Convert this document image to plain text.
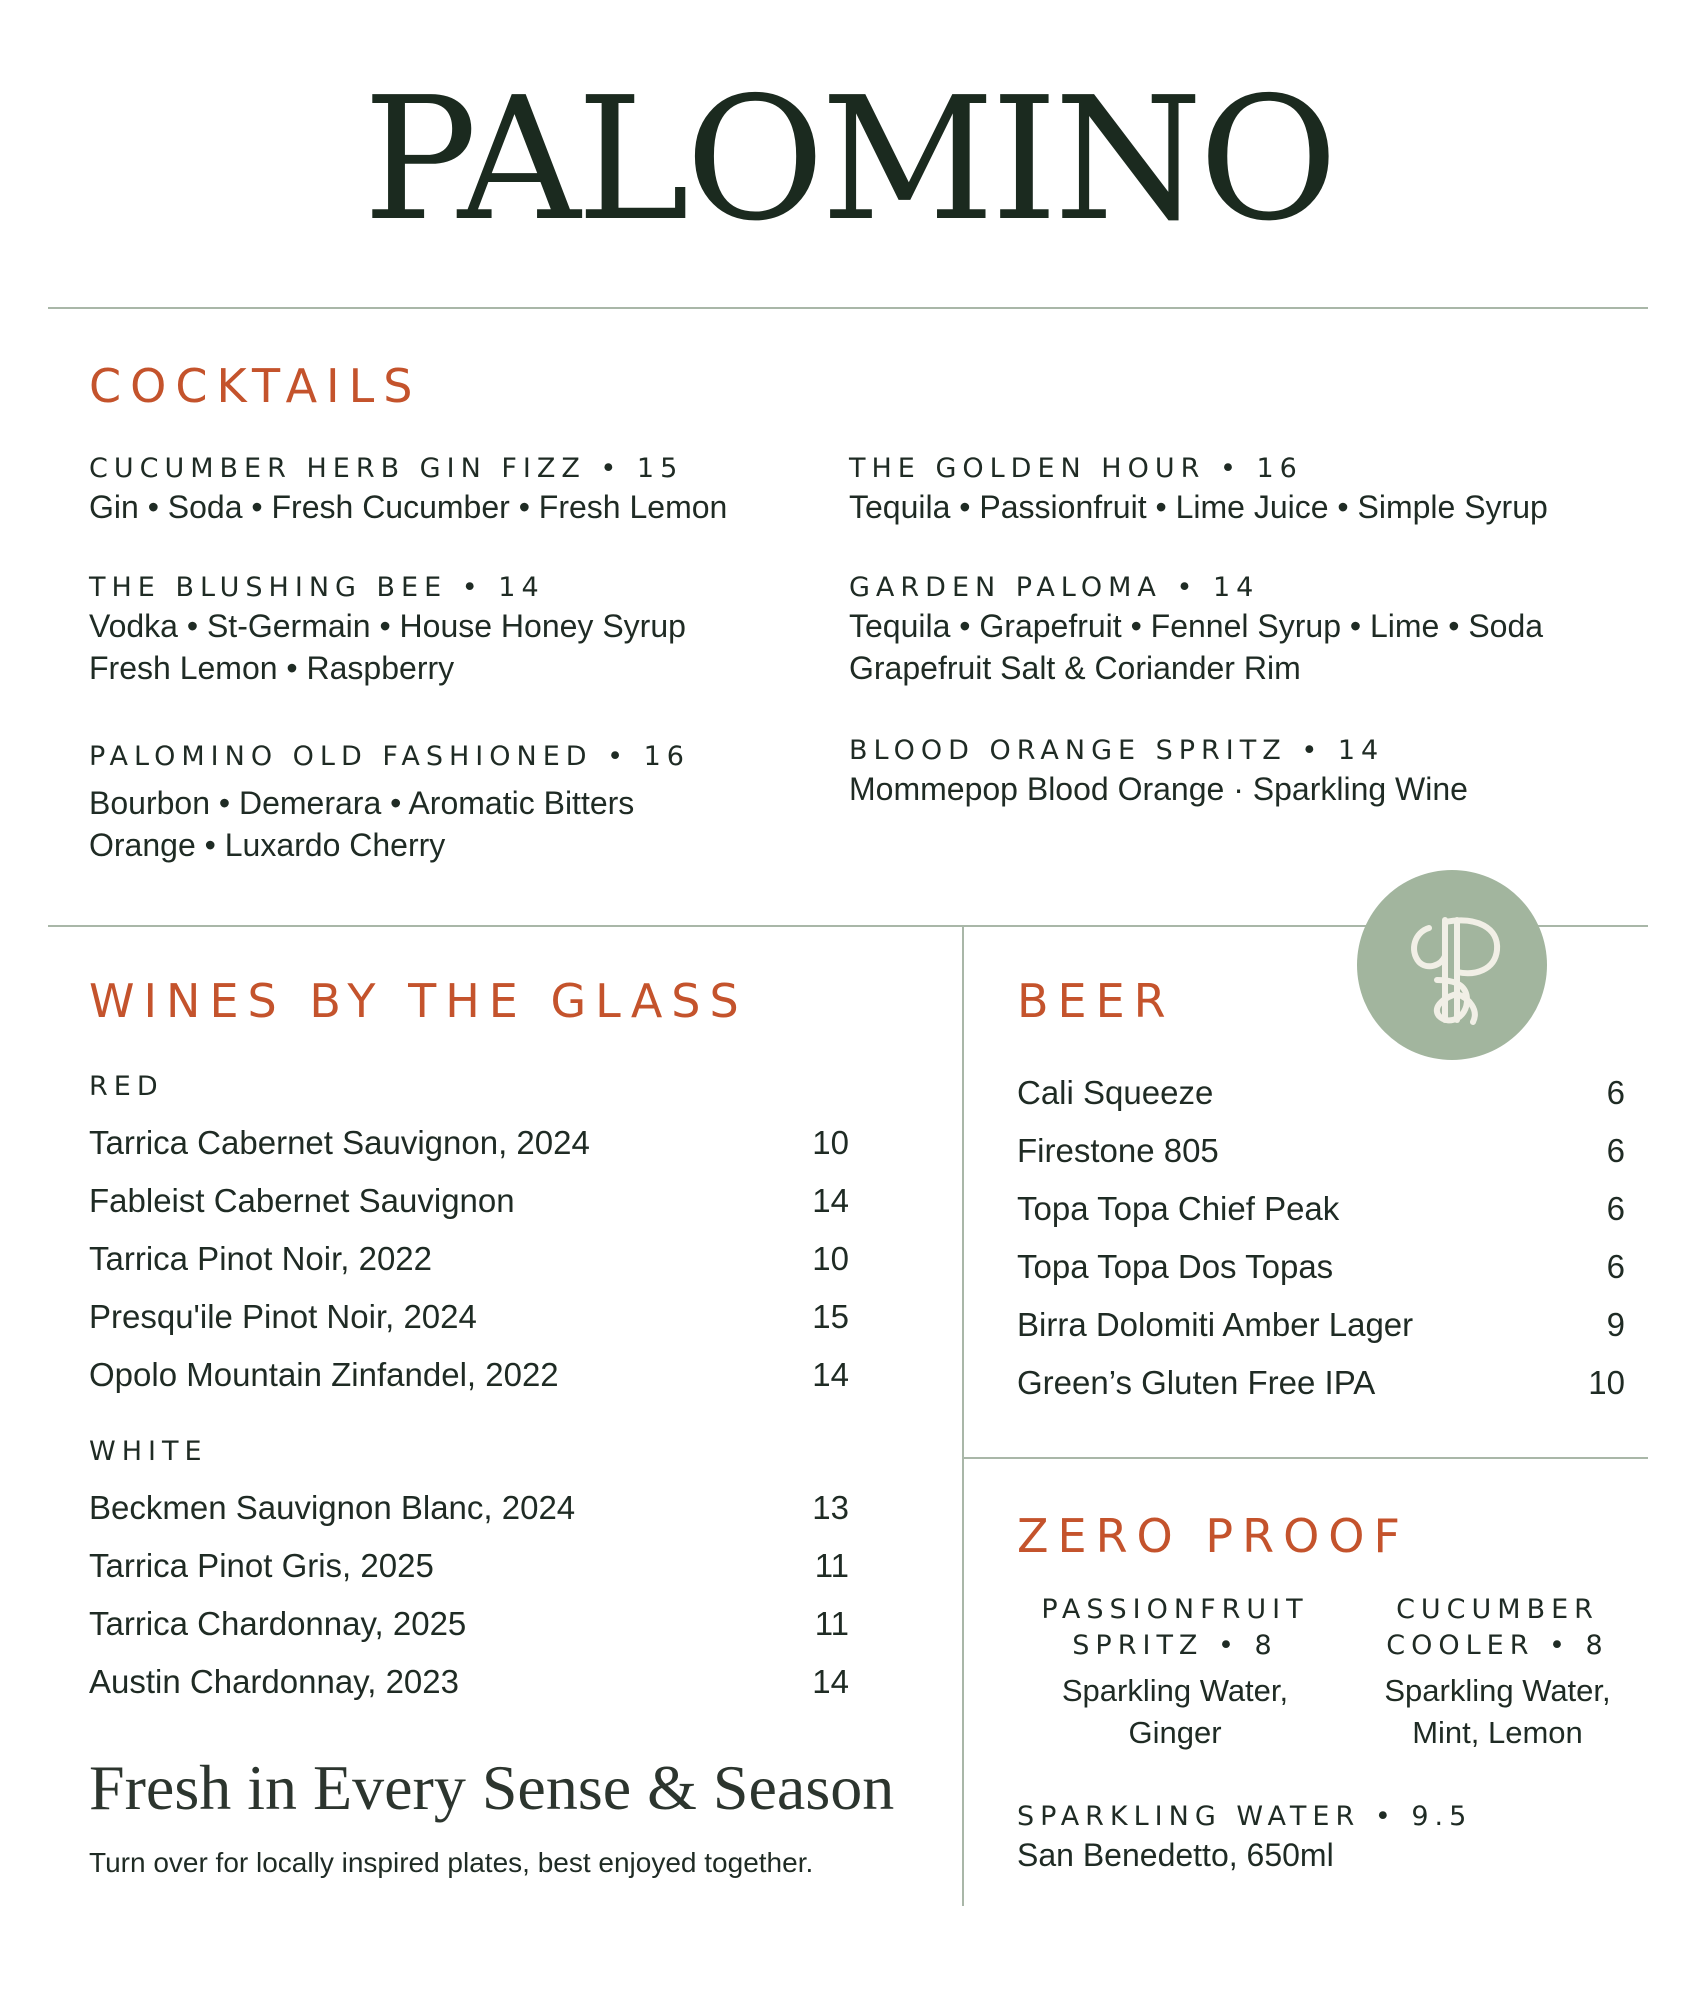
PALOMINO
COCKTAILS
CUCUMBER HERB GIN FIZZ • 15
Gin • Soda • Fresh Cucumber • Fresh Lemon
THE GOLDEN HOUR • 16
Tequila • Passionfruit • Lime Juice • Simple Syrup
THE BLUSHING BEE • 14
Vodka • St-Germain • House Honey Syrup
Fresh Lemon • Raspberry
GARDEN PALOMA • 14
Tequila • Grapefruit • Fennel Syrup • Lime • Soda
Grapefruit Salt & Coriander Rim
PALOMINO OLD FASHIONED • 16
Bourbon • Demerara • Aromatic Bitters
Orange • Luxardo Cherry
BLOOD ORANGE SPRITZ • 14
Mommepop Blood Orange · Sparkling Wine
WINES BY THE GLASS
RED
Tarrica Cabernet Sauvignon, 2024	10
Fableist Cabernet Sauvignon	14
Tarrica Pinot Noir, 2022	10
Presqu'ile Pinot Noir, 2024	15
Opolo Mountain Zinfandel, 2022	14
WHITE
Beckmen Sauvignon Blanc, 2024	13
Tarrica Pinot Gris, 2025	11
Tarrica Chardonnay, 2025	11
Austin Chardonnay, 2023	14
Fresh in Every Sense & Season
Turn over for locally inspired plates, best enjoyed together.
BEER
Cali Squeeze	6
Firestone 805	6
Topa Topa Chief Peak	6
Topa Topa Dos Topas	6
Birra Dolomiti Amber Lager	9
Green’s Gluten Free IPA	10
ZERO PROOF
PASSIONFRUIT
SPRITZ • 8
Sparkling Water,
Ginger
CUCUMBER
COOLER • 8
Sparkling Water,
Mint, Lemon
SPARKLING WATER • 9.5
San Benedetto, 650ml
